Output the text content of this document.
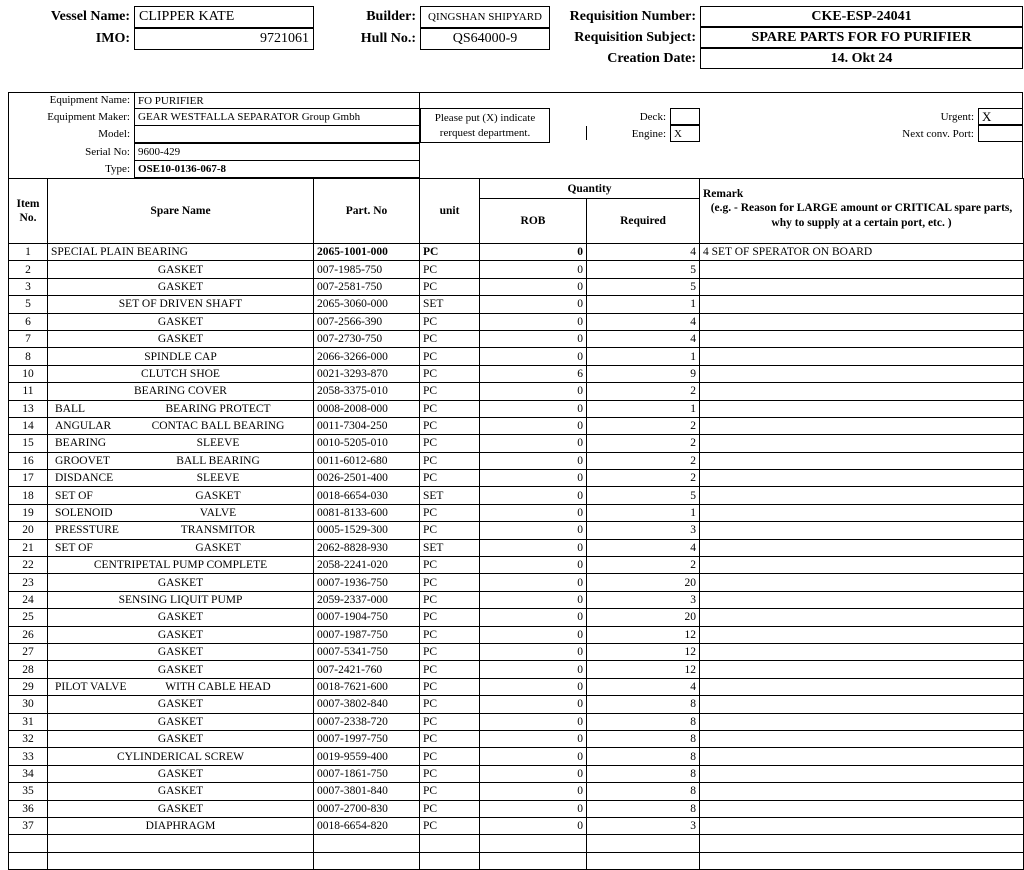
Vessel Name: CLIPPER KATE
IMO:	9721061
Builder:	QINGSHAN SHIPYARD
Hull No.:	QS64000-9
Requisition Number:	CKE-ESP-24041
Requisition Subject:	SPARE PARTS FOR FO PURIFIER
Creation Date:	14. Okt 24
Equipment Name: FO PURIFIER
Equipment Maker: GEAR WESTFALLA SEPARATOR Group Gmbh
Model:
Serial No: 9600-429
Type: OSE10-0136-067-8
Please put (X) indicate
rerquest department.
Deck:
Engine: X
Urgent: X
Next conv. Port:
Item No.	Spare Name	Part. No	unit	Quantity		Remark
(e.g. - Reason for LARGE amount or CRITICAL spare parts, why to supply at a certain port, etc. )

				ROB	Required	
1	SPECIAL PLAIN BEARING	2065-1001-000	PC	0	4	4 SET OF SPERATOR ON BOARD
2	GASKET	007-1985-750	PC	0	5	
3	GASKET	007-2581-750	PC	0	5	
5	SET OF DRIVEN SHAFT	2065-3060-000	SET	0	1	
6	GASKET	007-2566-390	PC	0	4	
7	GASKET	007-2730-750	PC	0	4	
8	SPINDLE CAP	2066-3266-000	PC	0	1	
10	CLUTCH SHOE	0021-3293-870	PC	6	9	
11	BEARING COVER	2058-3375-010	PC	0	2	
13	BALL BEARING PROTECT	0008-2008-000	PC	0	1	
14	ANGULAR CONTAC BALL BEARING	0011-7304-250	PC	0	2	
15	BEARING SLEEVE	0010-5205-010	PC	0	2	
16	GROOVET BALL BEARING	0011-6012-680	PC	0	2	
17	DISDANCE SLEEVE	0026-2501-400	PC	0	2	
18	SET OF GASKET	0018-6654-030	SET	0	5	
19	SOLENOID VALVE	0081-8133-600	PC	0	1	
20	PRESSTURE TRANSMITOR	0005-1529-300	PC	0	3	
21	SET OF GASKET	2062-8828-930	SET	0	4	
22	CENTRIPETAL PUMP COMPLETE	2058-2241-020	PC	0	2	
23	GASKET	0007-1936-750	PC	0	20	
24	SENSING LIQUIT PUMP	2059-2337-000	PC	0	3	
25	GASKET	0007-1904-750	PC	0	20	
26	GASKET	0007-1987-750	PC	0	12	
27	GASKET	0007-5341-750	PC	0	12	
28	GASKET	007-2421-760	PC	0	12	
29	PILOT VALVE WITH CABLE HEAD	0018-7621-600	PC	0	4	
30	GASKET	0007-3802-840	PC	0	8	
31	GASKET	0007-2338-720	PC	0	8	
32	GASKET	0007-1997-750	PC	0	8	
33	CYLINDERICAL SCREW	0019-9559-400	PC	0	8	
34	GASKET	0007-1861-750	PC	0	8	
35	GASKET	0007-3801-840	PC	0	8	
36	GASKET	0007-2700-830	PC	0	8	
37	DIAPHRAGM	0018-6654-820	PC	0	3	
